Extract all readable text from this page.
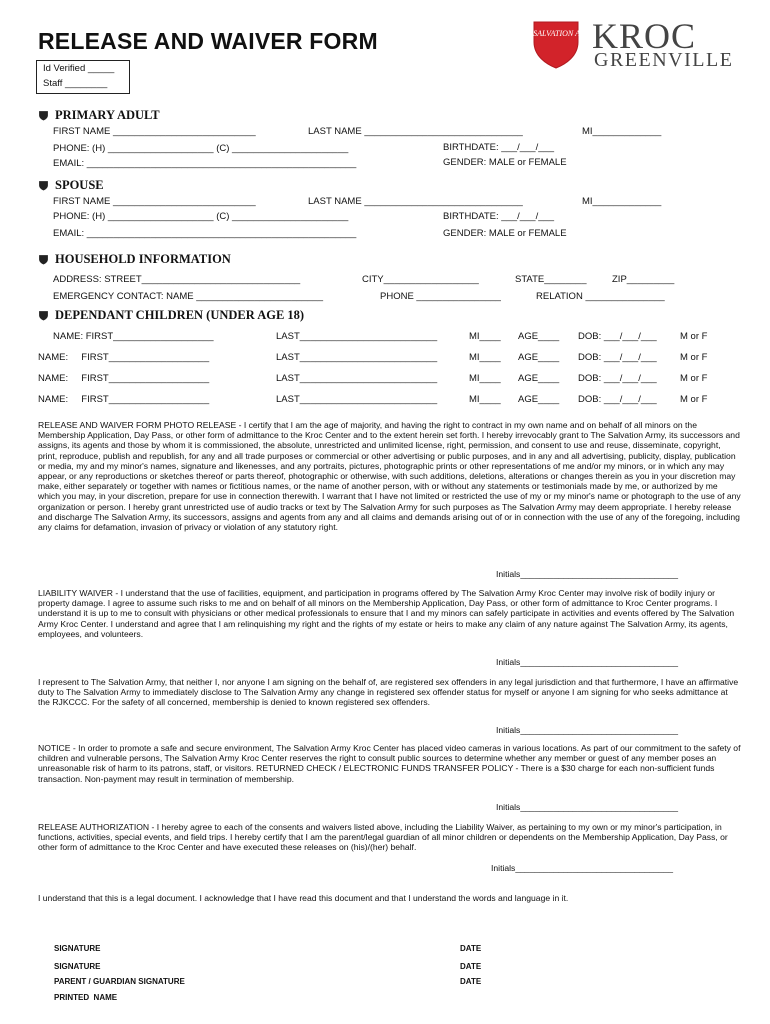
RELEASE AND WAIVER FORM
Id Verified _____
Staff ________
THE SALVATION ARMY
KROC
GREENVILLE
PRIMARY ADULT
FIRST NAME ___________________________	LAST NAME ______________________________	MI_____________
PHONE: (H) ____________________ (C) ______________________	BIRTHDATE: ___/___/___
EMAIL: ___________________________________________________	GENDER: MALE or FEMALE
SPOUSE
FIRST NAME ___________________________	LAST NAME ______________________________	MI_____________
PHONE: (H) ____________________ (C) ______________________	BIRTHDATE: ___/___/___
EMAIL: ___________________________________________________	GENDER: MALE or FEMALE
HOUSEHOLD INFORMATION
ADDRESS: STREET______________________________	CITY__________________	STATE________	ZIP_________
EMERGENCY CONTACT: NAME ________________________	PHONE ________________	RELATION _______________
DEPENDANT CHILDREN (UNDER AGE 18)
NAME: FIRST___________________	LAST__________________________	MI____ AGE____ DOB: ___/___/___ M or F
NAME:     FIRST___________________	LAST__________________________	MI____ AGE____ DOB: ___/___/___ M or F
NAME:     FIRST___________________	LAST__________________________	MI____ AGE____ DOB: ___/___/___ M or F
NAME:     FIRST___________________	LAST__________________________	MI____ AGE____ DOB: ___/___/___ M or F
RELEASE AND WAIVER FORM PHOTO RELEASE - I certify that I am the age of majority, and having the right to contract in my own name and on behalf of all minors on the Membership Application, Day Pass, or other form of admittance to the Kroc Center and to the extent herein set forth. I hereby irrevocably grant to The Salvation Army, its successors and assigns, its agents and those by whom it is commissioned, the absolute, unrestricted and unlimited license, right, permission, and consent to use and reuse, disseminate, copyright, print, reproduce, publish and republish, for any and all trade purposes or commercial or other advertising or public purposes, and in any and all advertising, publicity, display, publication or media, my and my minor's names, signature and likenesses, and any portraits, pictures, photographic prints or other representations of me and/or my minors, or in which any may appear, or any reproductions or sketches thereof or parts thereof, photographic or otherwise, with such additions, deletions, alterations or changes therein as you in your discretion may make, either separately or together with names or fictitious names, or the name of another person, with or without any statements or testimonials made by me, or authorized by me which you may, in your discretion, prepare for use in connection therewith. I warrant that I have not limited or restricted the use of my or my minor's name or photograph to the use of any organization or person. I hereby grant unrestricted use of audio tracks or text by The Salvation Army for such purposes as The Salvation Army may deem appropriate. I hereby release and discharge The Salvation Army, its successors, assigns and agents from any and all claims and demands arising out of or in connection with the use of any of the foregoing, including any claims for defamation, invasion of privacy or violation of any statutory right.
Initials_________________________________
LIABILITY WAIVER - I understand that the use of facilities, equipment, and participation in programs offered by The Salvation Army Kroc Center may involve risk of bodily injury or property damage. I agree to assume such risks to me and on behalf of all minors on the Membership Application, Day Pass, or other form of admittance to Kroc Center programs. I understand it is up to me to consult with physicians or other medical professionals to ensure that I and my minors can safely participate in activities and events offered by The Salvation Army Kroc Center. I understand and agree that I am relinquishing my right and the rights of my estate or heirs to make any claim of any nature against The Salvation Army, its agents, employees, and volunteers.
Initials_________________________________
I represent to The Salvation Army, that neither I, nor anyone I am signing on the behalf of, are registered sex offenders in any legal jurisdiction and that furthermore, I have an affirmative duty to The Salvation Army to immediately disclose to The Salvation Army any change in registered sex offender status for myself or anyone I am signing for who seeks admittance at the RJKCCC. For the safety of all concerned, membership is denied to known registered sex offenders.
Initials_________________________________
NOTICE - In order to promote a safe and secure environment, The Salvation Army Kroc Center has placed video cameras in various locations. As part of our commitment to the safety of children and vulnerable persons, The Salvation Army Kroc Center reserves the right to consult public sources to determine whether any member or guest of any member poses an unreasonable risk of harm to its patrons, staff, or visitors. RETURNED CHECK / ELECTRONIC FUNDS TRANSFER POLICY - There is a $30 charge for each non-sufficient funds transaction. Non-payment may result in termination of membership.
Initials_________________________________
RELEASE AUTHORIZATION - I hereby agree to each of the consents and waivers listed above, including the Liability Waiver, as pertaining to my own or my minor's participation, in functions, activities, special events, and field trips. I hereby certify that I am the parent/legal guardian of all minor children or dependents on the Membership Application, Day Pass, or other form of admittance to the Kroc Center and have executed these releases on (his)/(her) behalf.
Initials_________________________________
I understand that this is a legal document. I acknowledge that I have read this document and that I understand the words and language in it.
SIGNATURE	DATE
SIGNATURE	DATE
PARENT / GUARDIAN SIGNATURE	DATE
PRINTED  NAME
